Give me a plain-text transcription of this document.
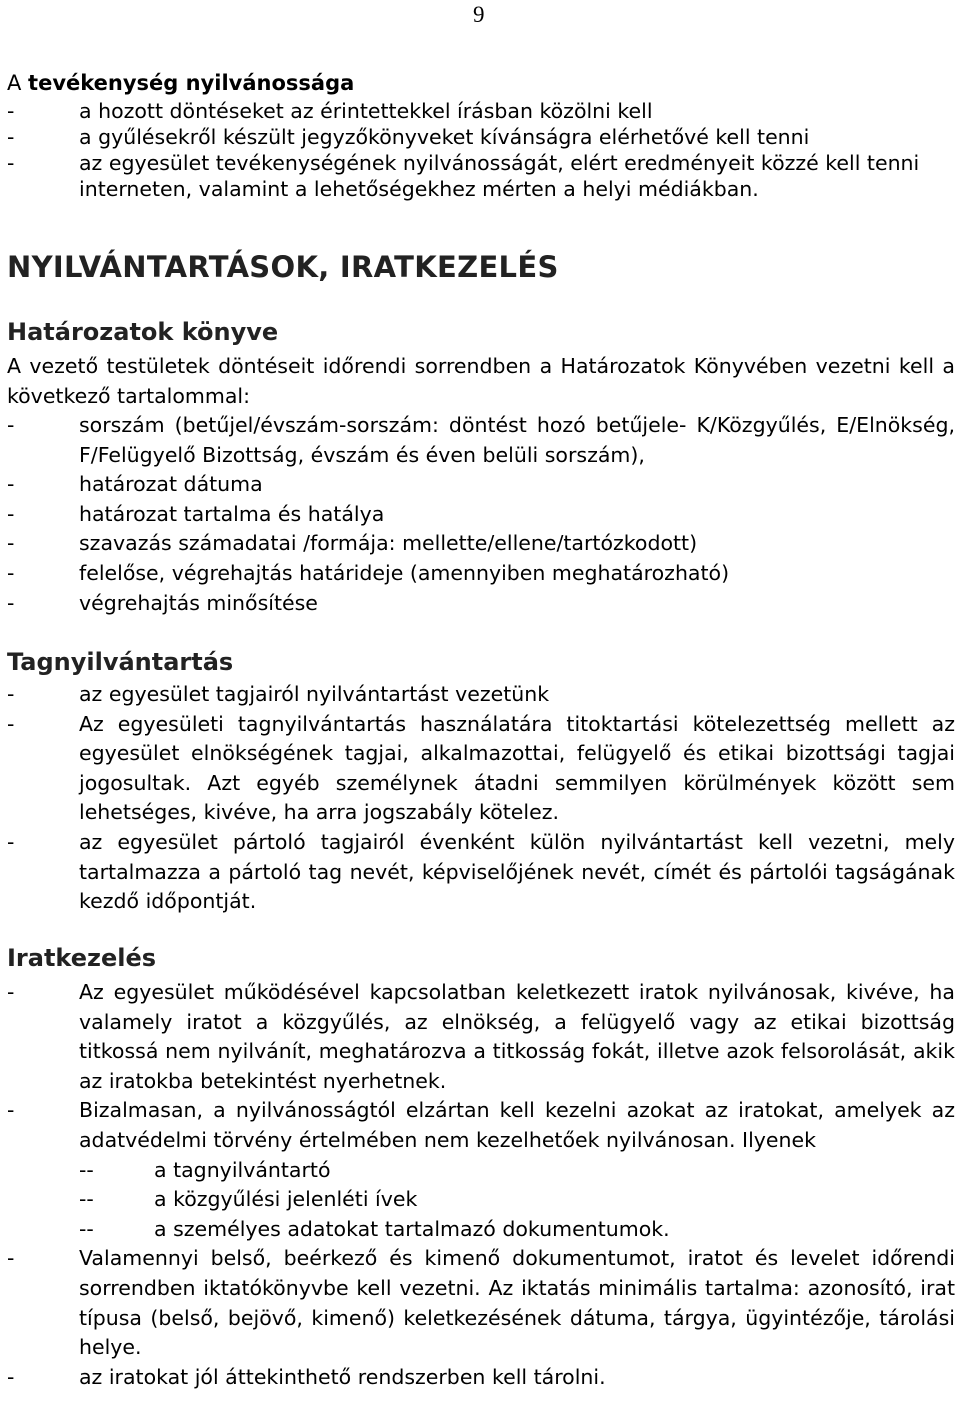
9
A tevékenység nyilvánossága
-	a hozott döntéseket az érintettekkel írásban közölni kell
-	a gyűlésekről készült jegyzőkönyveket kívánságra elérhetővé kell tenni
-	az egyesület tevékenységének nyilvánosságát, elért eredményeit közzé kell tenni interneten, valamint a lehetőségekhez mérten a helyi médiákban.
NYILVÁNTARTÁSOK, IRATKEZELÉS
Határozatok könyve

A vezető testületek döntéseit időrendi sorrendben a Határozatok Könyvében vezetni kell a következő tartalommal:

-	sorszám (betűjel/évszám-sorszám: döntést hozó betűjele- K/Közgyűlés, E/Elnökség, F/Felügyelő Bizottság, évszám és éven belüli sorszám),
-	határozat dátuma
-	határozat tartalma és hatálya
-	szavazás számadatai /formája: mellette/ellene/tartózkodott)
-	felelőse, végrehajtás határideje (amennyiben meghatározható)
-	végrehajtás minősítése
Tagnyilvántartás
-	az egyesület tagjairól nyilvántartást vezetünk
-	Az egyesületi tagnyilvántartás használatára titoktartási kötelezettség mellett az egyesület elnökségének tagjai, alkalmazottai, felügyelő és etikai bizottsági tagjai jogosultak. Azt egyéb személynek átadni semmilyen körülmények között sem lehetséges, kivéve, ha arra jogszabály kötelez.
-	az egyesület pártoló tagjairól évenként külön nyilvántartást kell vezetni, mely tartalmazza a pártoló tag nevét, képviselőjének nevét, címét és pártolói tagságának kezdő időpontját.
Iratkezelés
-	Az egyesület működésével kapcsolatban keletkezett iratok nyilvánosak, kivéve, ha valamely iratot a közgyűlés, az elnökség, a felügyelő vagy az etikai bizottság titkossá nem nyilvánít, meghatározva a titkosság fokát, illetve azok felsorolását, akik az iratokba betekintést nyerhetnek.
-	Bizalmasan, a nyilvánosságtól elzártan kell kezelni azokat az iratokat, amelyek az adatvédelmi törvény értelmében nem kezelhetőek nyilvánosan. Ilyenek
--	a tagnyilvántartó
--	a közgyűlési jelenléti ívek
--	a személyes adatokat tartalmazó dokumentumok.
-	Valamennyi belső, beérkező és kimenő dokumentumot, iratot és levelet időrendi sorrendben iktatókönyvbe kell vezetni. Az iktatás minimális tartalma: azonosító, irat típusa (belső, bejövő, kimenő) keletkezésének dátuma, tárgya, ügyintézője, tárolási helye.
-	az iratokat jól áttekinthető rendszerben kell tárolni.
